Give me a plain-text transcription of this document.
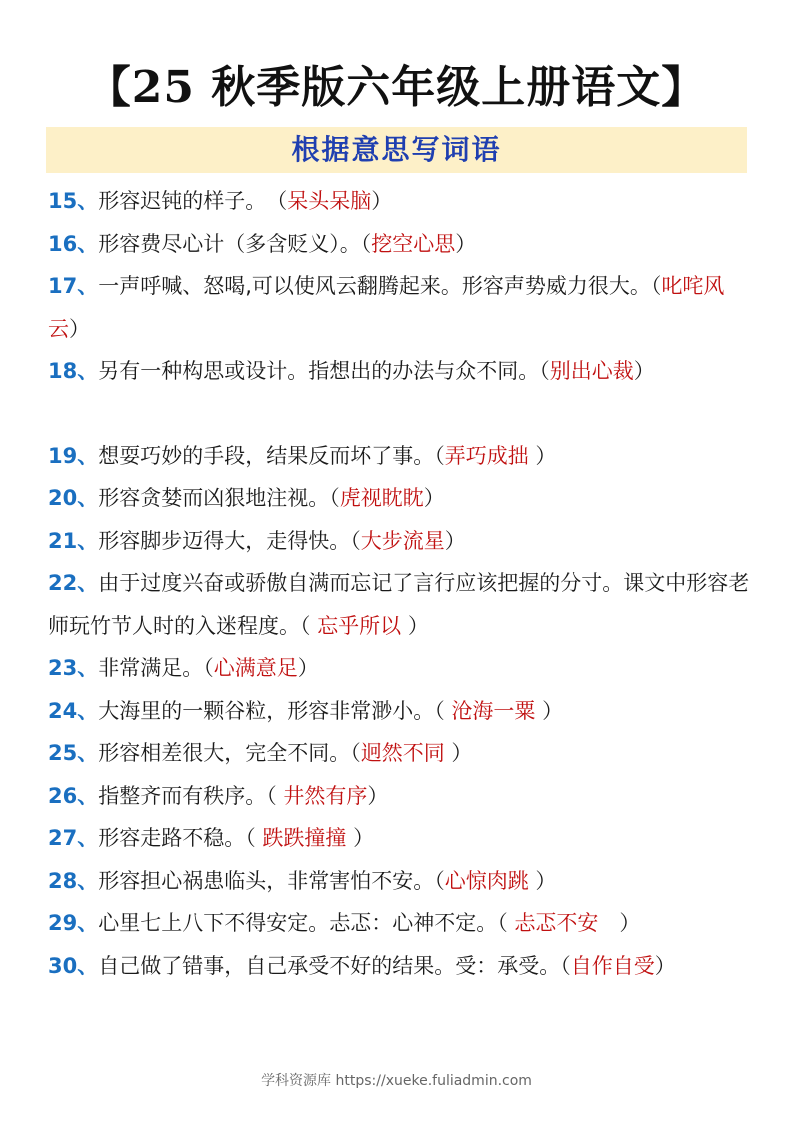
【25 秋季版六年级上册语文】
根据意思写词语
15、形容迟钝的样子。　（呆头呆脑）
16、形容费尽心计（多含贬义）。（挖空心思）
17、一声呼喊、怒喝,可以使风云翻腾起来。形容声势威力很大。（叱咤风云）
18、另有一种构思或设计。指想出的办法与众不同。（别出心裁）
19、想耍巧妙的手段，结果反而坏了事。（弄巧成拙 ）
20、形容贪婪而凶狠地注视。（虎视眈眈）
21、形容脚步迈得大，走得快。（大步流星）
22、由于过度兴奋或骄傲自满而忘记了言行应该把握的分寸。课文中形容老师玩竹节人时的入迷程度。（ 忘乎所以 ）
23、非常满足。（心满意足）
24、大海里的一颗谷粒，形容非常渺小。（ 沧海一粟 ）
25、形容相差很大，完全不同。（迥然不同 ）
26、指整齐而有秩序。（ 井然有序）
27、形容走路不稳。（ 跌跌撞撞 ）
28、形容担心祸患临头，非常害怕不安。（心惊肉跳 ）
29、心里七上八下不得安定。忐忑：心神不定。（ 忐忑不安　）
30、自己做了错事，自己承受不好的结果。受：承受。（自作自受）
学科资源库 https://xueke.fuliadmin.com
